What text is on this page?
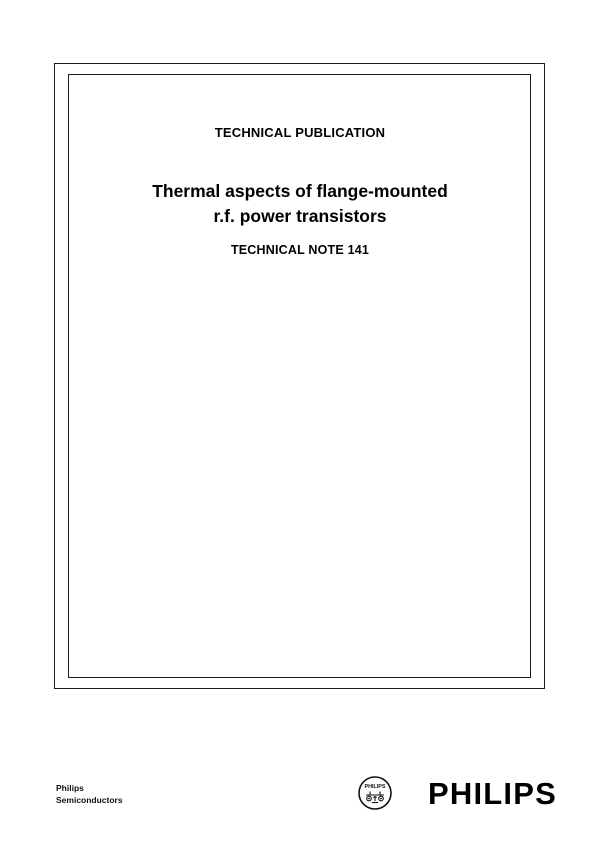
TECHNICAL PUBLICATION
Thermal aspects of flange-mounted r.f. power transistors
TECHNICAL NOTE 141
Philips
Semiconductors
PHILIPS PHILIPS
